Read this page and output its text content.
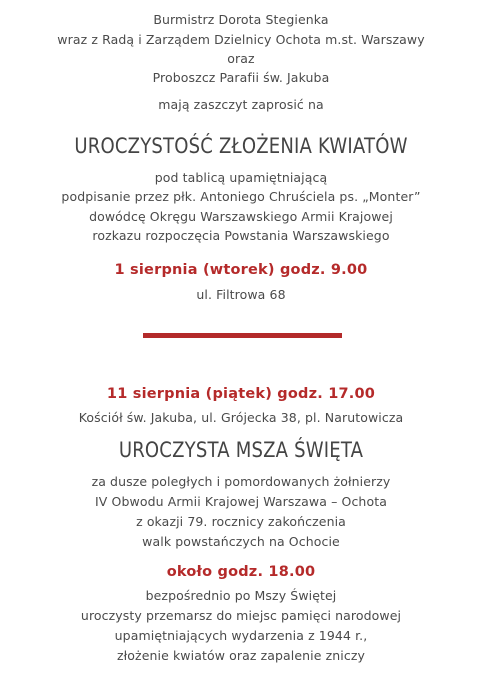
Burmistrz Dorota Stegienka
wraz z Radą i Zarządem Dzielnicy Ochota m.st. Warszawy
oraz
Proboszcz Parafii św. Jakuba
mają zaszczyt zaprosić na
UROCZYSTOŚĆ ZŁOŻENIA KWIATÓW
pod tablicą upamiętniającą
podpisanie przez płk. Antoniego Chruściela ps. „Monter”
dowódcę Okręgu Warszawskiego Armii Krajowej
rozkazu rozpoczęcia Powstania Warszawskiego
1 sierpnia (wtorek) godz. 9.00
ul. Filtrowa 68
11 sierpnia (piątek) godz. 17.00
Kościół św. Jakuba, ul. Grójecka 38, pl. Narutowicza
UROCZYSTA MSZA ŚWIĘTA
za dusze poległych i pomordowanych żołnierzy
IV Obwodu Armii Krajowej Warszawa – Ochota
z okazji 79. rocznicy zakończenia
walk powstańczych na Ochocie
około godz. 18.00
bezpośrednio po Mszy Świętej
uroczysty przemarsz do miejsc pamięci narodowej
upamiętniających wydarzenia z 1944 r.,
złożenie kwiatów oraz zapalenie zniczy
